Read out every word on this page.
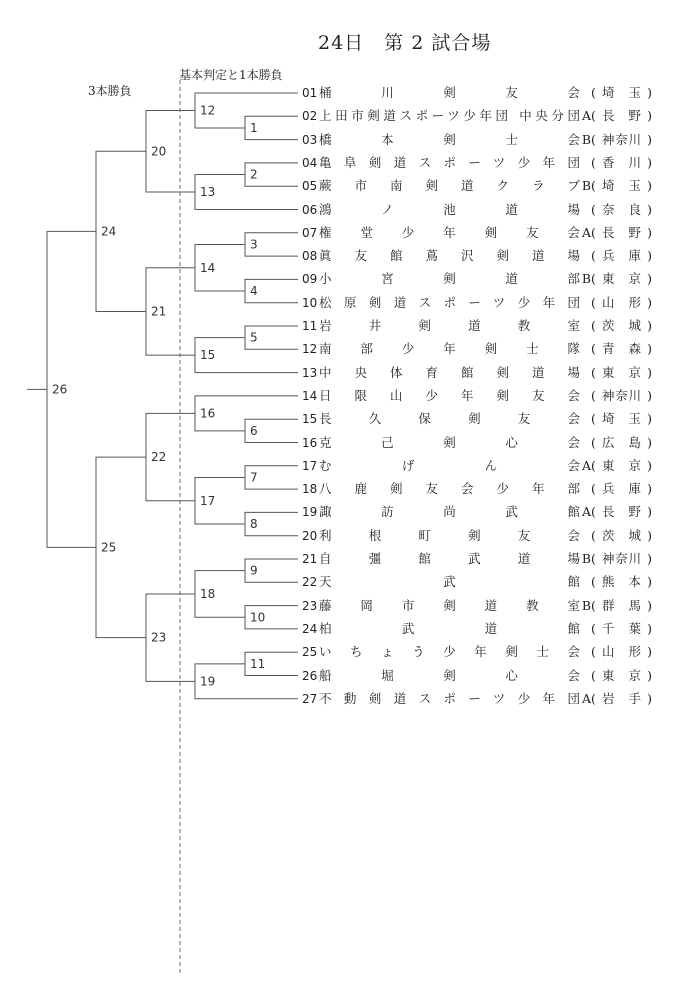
24日　第 2 試合場
3本勝負
基本判定と1本勝負
1
2
3
4
5
6
7
8
9
10
11
12
13
14
15
16
17
18
19
20
21
22
23
24
25
26
01 桶川剣友会 ( 埼玉 )
02 上田市剣道スポーツ少年団 中央分団 A ( 長野 )
03 橋本剣士会 B ( 神奈川 )
04 亀阜剣道スポーツ少年団 ( 香川 )
05 蕨市南剣道クラブ B ( 埼玉 )
06 鴻ノ池道場 ( 奈良 )
07 権堂少年剣友会 A ( 長野 )
08 眞友館蔦沢剣道場 ( 兵庫 )
09 小宮剣道部 B ( 東京 )
10 松原剣道スポーツ少年団 ( 山形 )
11 岩井剣道教室 ( 茨城 )
12 南部少年剣士隊 ( 青森 )
13 中央体育館剣道場 ( 東京 )
14 日限山少年剣友会 ( 神奈川 )
15 長久保剣友会 ( 埼玉 )
16 克己剣心会 ( 広島 )
17 むげん会 A ( 東京 )
18 八鹿剣友会少年部 ( 兵庫 )
19 諏訪尚武館 A ( 長野 )
20 利根町剣友会 ( 茨城 )
21 自彊館武道場 B ( 神奈川 )
22 天武館 ( 熊本 )
23 藤岡市剣道教室 B ( 群馬 )
24 柏武道館 ( 千葉 )
25 いちょう少年剣士会 ( 山形 )
26 船堀剣心会 ( 東京 )
27 不動剣道スポーツ少年団 A ( 岩手 )
